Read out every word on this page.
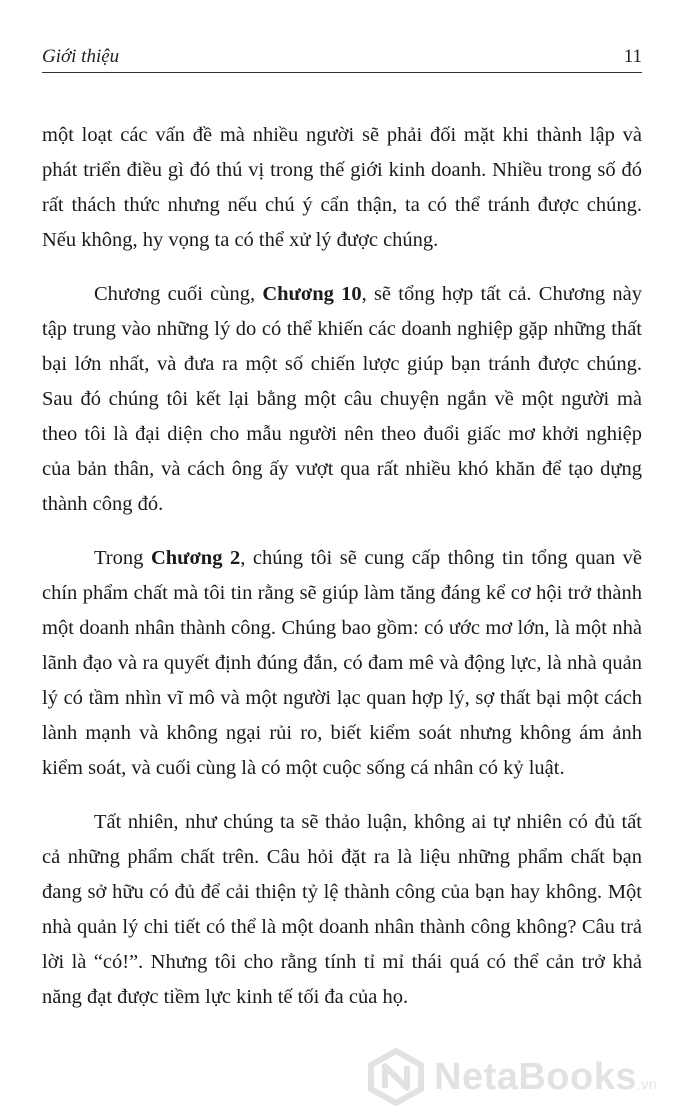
Giới thiệu	11

một loạt các vấn đề mà nhiều người sẽ phải đối mặt khi thành lập và phát triển điều gì đó thú vị trong thế giới kinh doanh. Nhiều trong số đó rất thách thức nhưng nếu chú ý cẩn thận, ta có thể tránh được chúng. Nếu không, hy vọng ta có thể xử lý được chúng.

Chương cuối cùng, Chương 10, sẽ tổng hợp tất cả. Chương này tập trung vào những lý do có thể khiến các doanh nghiệp gặp những thất bại lớn nhất, và đưa ra một số chiến lược giúp bạn tránh được chúng. Sau đó chúng tôi kết lại bằng một câu chuyện ngắn về một người mà theo tôi là đại diện cho mẫu người nên theo đuổi giấc mơ khởi nghiệp của bản thân, và cách ông ấy vượt qua rất nhiều khó khăn để tạo dựng thành công đó.

Trong Chương 2, chúng tôi sẽ cung cấp thông tin tổng quan về chín phẩm chất mà tôi tin rằng sẽ giúp làm tăng đáng kể cơ hội trở thành một doanh nhân thành công. Chúng bao gồm: có ước mơ lớn, là một nhà lãnh đạo và ra quyết định đúng đắn, có đam mê và động lực, là nhà quản lý có tầm nhìn vĩ mô và một người lạc quan hợp lý, sợ thất bại một cách lành mạnh và không ngại rủi ro, biết kiểm soát nhưng không ám ảnh kiểm soát, và cuối cùng là có một cuộc sống cá nhân có kỷ luật.

Tất nhiên, như chúng ta sẽ thảo luận, không ai tự nhiên có đủ tất cả những phẩm chất trên. Câu hỏi đặt ra là liệu những phẩm chất bạn đang sở hữu có đủ để cải thiện tỷ lệ thành công của bạn hay không. Một nhà quản lý chi tiết có thể là một doanh nhân thành công không? Câu trả lời là “có!”. Nhưng tôi cho rằng tính tỉ mỉ thái quá có thể cản trở khả năng đạt được tiềm lực kinh tế tối đa của họ.

NetaBooks.vn
